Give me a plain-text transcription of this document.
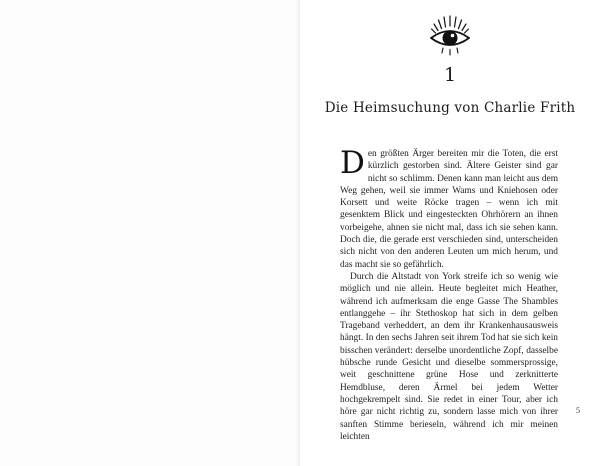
1
Die Heimsuchung von Charlie Frith

Den größten Ärger bereiten mir die Toten, die erst kürzlich gestorben sind. Ältere Geister sind gar nicht so schlimm. Denen kann man leicht aus dem Weg gehen, weil sie immer Wams und Kniehosen oder Korsett und weite Röcke tragen – wenn ich mit gesenktem Blick und eingesteckten Ohrhörern an ihnen vorbeigehe, ahnen sie nicht mal, dass ich sie sehen kann. Doch die, die gerade erst verschieden sind, unterscheiden sich nicht von den anderen Leuten um mich herum, und das macht sie so gefährlich.

Durch die Altstadt von York streife ich so wenig wie möglich und nie allein. Heute begleitet mich Heather, während ich aufmerksam die enge Gasse The Shambles entlanggehe – ihr Stethoskop hat sich in dem gelben Trageband verheddert, an dem ihr Krankenhausausweis hängt. In den sechs Jahren seit ihrem Tod hat sie sich kein bisschen verändert: derselbe unordentliche Zopf, dasselbe hübsche runde Gesicht und dieselbe sommersprossige, weit geschnittene grüne Hose und zerknitterte Hemdbluse, deren Ärmel bei jedem Wetter hochgekrempelt sind. Sie redet in einer Tour, aber ich höre gar nicht richtig zu, sondern lasse mich von ihrer sanften Stimme berieseln, während ich mir meinen leichten

5
